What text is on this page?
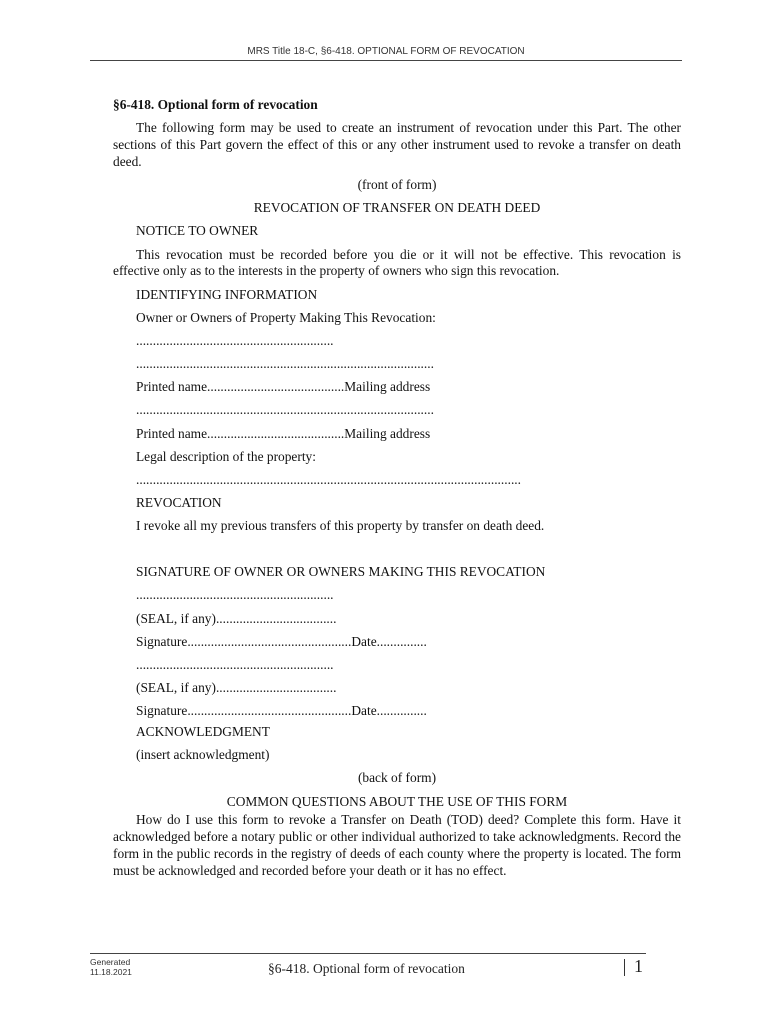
MRS Title 18-C, §6-418. OPTIONAL FORM OF REVOCATION

§6-418. Optional form of revocation

The following form may be used to create an instrument of revocation under this Part. The other sections of this Part govern the effect of this or any other instrument used to revoke a transfer on death deed.

(front of form)

REVOCATION OF TRANSFER ON DEATH DEED

NOTICE TO OWNER

This revocation must be recorded before you die or it will not be effective. This revocation is effective only as to the interests in the property of owners who sign this revocation.

IDENTIFYING INFORMATION

Owner or Owners of Property Making This Revocation:

...........................................................

.........................................................................................

Printed name.........................................Mailing address

.........................................................................................

Printed name.........................................Mailing address

Legal description of the property:

...................................................................................................................

REVOCATION

I revoke all my previous transfers of this property by transfer on death deed.

SIGNATURE OF OWNER OR OWNERS MAKING THIS REVOCATION

...........................................................

(SEAL, if any)....................................

Signature.................................................Date...............

...........................................................

(SEAL, if any)....................................

Signature.................................................Date...............

ACKNOWLEDGMENT

(insert acknowledgment)

(back of form)

COMMON QUESTIONS ABOUT THE USE OF THIS FORM

How do I use this form to revoke a Transfer on Death (TOD) deed? Complete this form. Have it acknowledged before a notary public or other individual authorized to take acknowledgments. Record the form in the public records in the registry of deeds of each county where the property is located. The form must be acknowledged and recorded before your death or it has no effect.

Generated
11.18.2021	§6-418. Optional form of revocation	1
